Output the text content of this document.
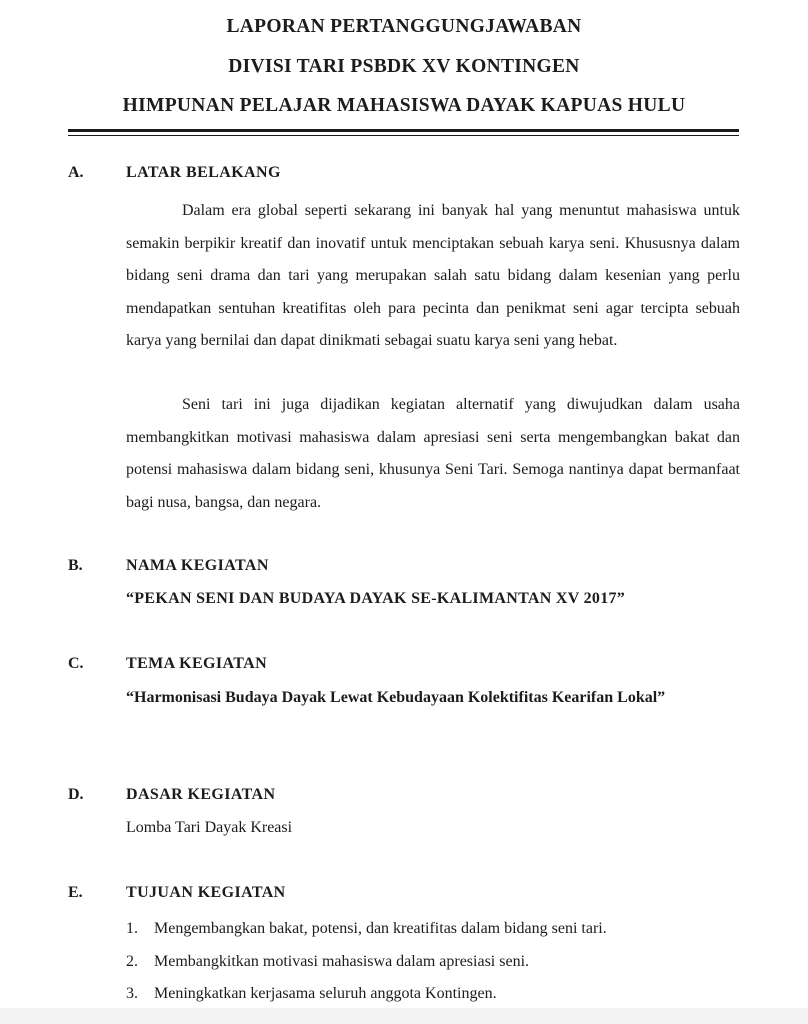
LAPORAN PERTANGGUNGJAWABAN
DIVISI TARI PSBDK XV KONTINGEN
HIMPUNAN PELAJAR MAHASISWA DAYAK KAPUAS HULU
A.	LATAR BELAKANG

Dalam era global seperti sekarang ini banyak hal yang menuntut mahasiswa untuk semakin berpikir kreatif dan inovatif untuk menciptakan sebuah karya seni. Khususnya dalam bidang seni drama dan tari yang merupakan salah satu bidang dalam kesenian yang perlu mendapatkan sentuhan kreatifitas oleh para pecinta dan penikmat seni agar tercipta sebuah karya yang bernilai dan dapat dinikmati sebagai suatu karya seni yang hebat.

Seni tari ini juga dijadikan kegiatan alternatif yang diwujudkan dalam usaha membangkitkan motivasi mahasiswa dalam apresiasi seni serta mengembangkan bakat dan potensi mahasiswa dalam bidang seni, khusunya Seni Tari. Semoga nantinya dapat bermanfaat bagi nusa, bangsa, dan negara.

B.	NAMA KEGIATAN
“PEKAN SENI DAN BUDAYA DAYAK SE-KALIMANTAN XV 2017”
C.	TEMA KEGIATAN

“Harmonisasi Budaya Dayak Lewat Kebudayaan Kolektifitas Kearifan Lokal”

D.	DASAR KEGIATAN
Lomba Tari Dayak Kreasi
E.	TUJUAN KEGIATAN
1. Mengembangkan bakat, potensi, dan kreatifitas dalam bidang seni tari.
2. Membangkitkan motivasi mahasiswa dalam apresiasi seni.
3. Meningkatkan kerjasama seluruh anggota Kontingen.
